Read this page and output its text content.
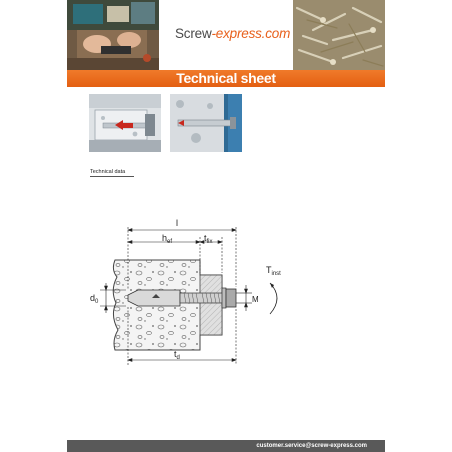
Screw-express.com
Technical sheet
Technical data
l
$h_{ef}$	$t_{fix}$
$T_{inst}$
$d_0$	M
$t_d$
customer.service@screw-express.com
